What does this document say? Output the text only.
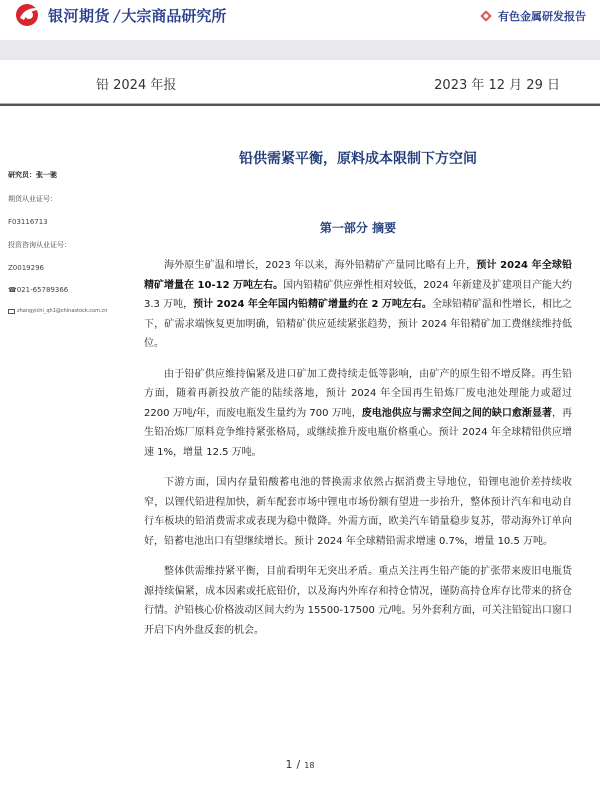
银河期货 / 大宗商品研究所	有色金属研发报告
铅 2024 年报	2023 年 12 月 29 日
研究员：张一驰
期货从业证号：
F03116713
投资咨询从业证号：
Z0019296
☎021-65789366
zhangyichi_qh1@chinastock.com.cn
铅供需紧平衡，原料成本限制下方空间
第一部分 摘要

海外原生矿温和增长，2023 年以来，海外铅精矿产量同比略有上升，预计 2024 年全球铅精矿增量在 10-12 万吨左右。国内铅精矿供应弹性相对较低，2024 年新建及扩建项目产能大约 3.3 万吨，预计 2024 年全年国内铅精矿增量约在 2 万吨左右。全球铅精矿温和性增长，相比之下，矿需求端恢复更加明确，铅精矿供应延续紧张趋势，预计 2024 年铅精矿加工费继续维持低位。

由于铅矿供应维持偏紧及进口矿加工费持续走低等影响，由矿产的原生铅不增反降。再生铅方面，随着再新投放产能的陆续落地，预计 2024 年全国再生铅炼厂废电池处理能力或超过 2200 万吨/年，而废电瓶发生量约为 700 万吨，废电池供应与需求空间之间的缺口愈渐显著，再生铅冶炼厂原料竞争维持紧张格局，或继续推升废电瓶价格重心。预计 2024 年全球精铅供应增速 1%，增量 12.5 万吨。

下游方面，国内存量铅酸蓄电池的替换需求依然占据消费主导地位，铅锂电池价差持续收窄，以锂代铅进程加快，新车配套市场中锂电市场份额有望进一步抬升，整体预计汽车和电动自行车板块的铅消费需求或表现为稳中微降。外需方面，欧美汽车销量稳步复苏，带动海外订单向好，铅蓄电池出口有望继续增长。预计 2024 年全球精铅需求增速 0.7%，增量 10.5 万吨。

整体供需维持紧平衡，目前看明年无突出矛盾。重点关注再生铅产能的扩张带来废旧电瓶货源持续偏紧，成本因素或托底铅价，以及海内外库存和持仓情况，谨防高持仓库存比带来的挤仓行情。沪铅核心价格波动区间大约为 15500-17500 元/吨。另外套利方面，可关注铅锭出口窗口开启下内外盘反套的机会。

1 / 18
